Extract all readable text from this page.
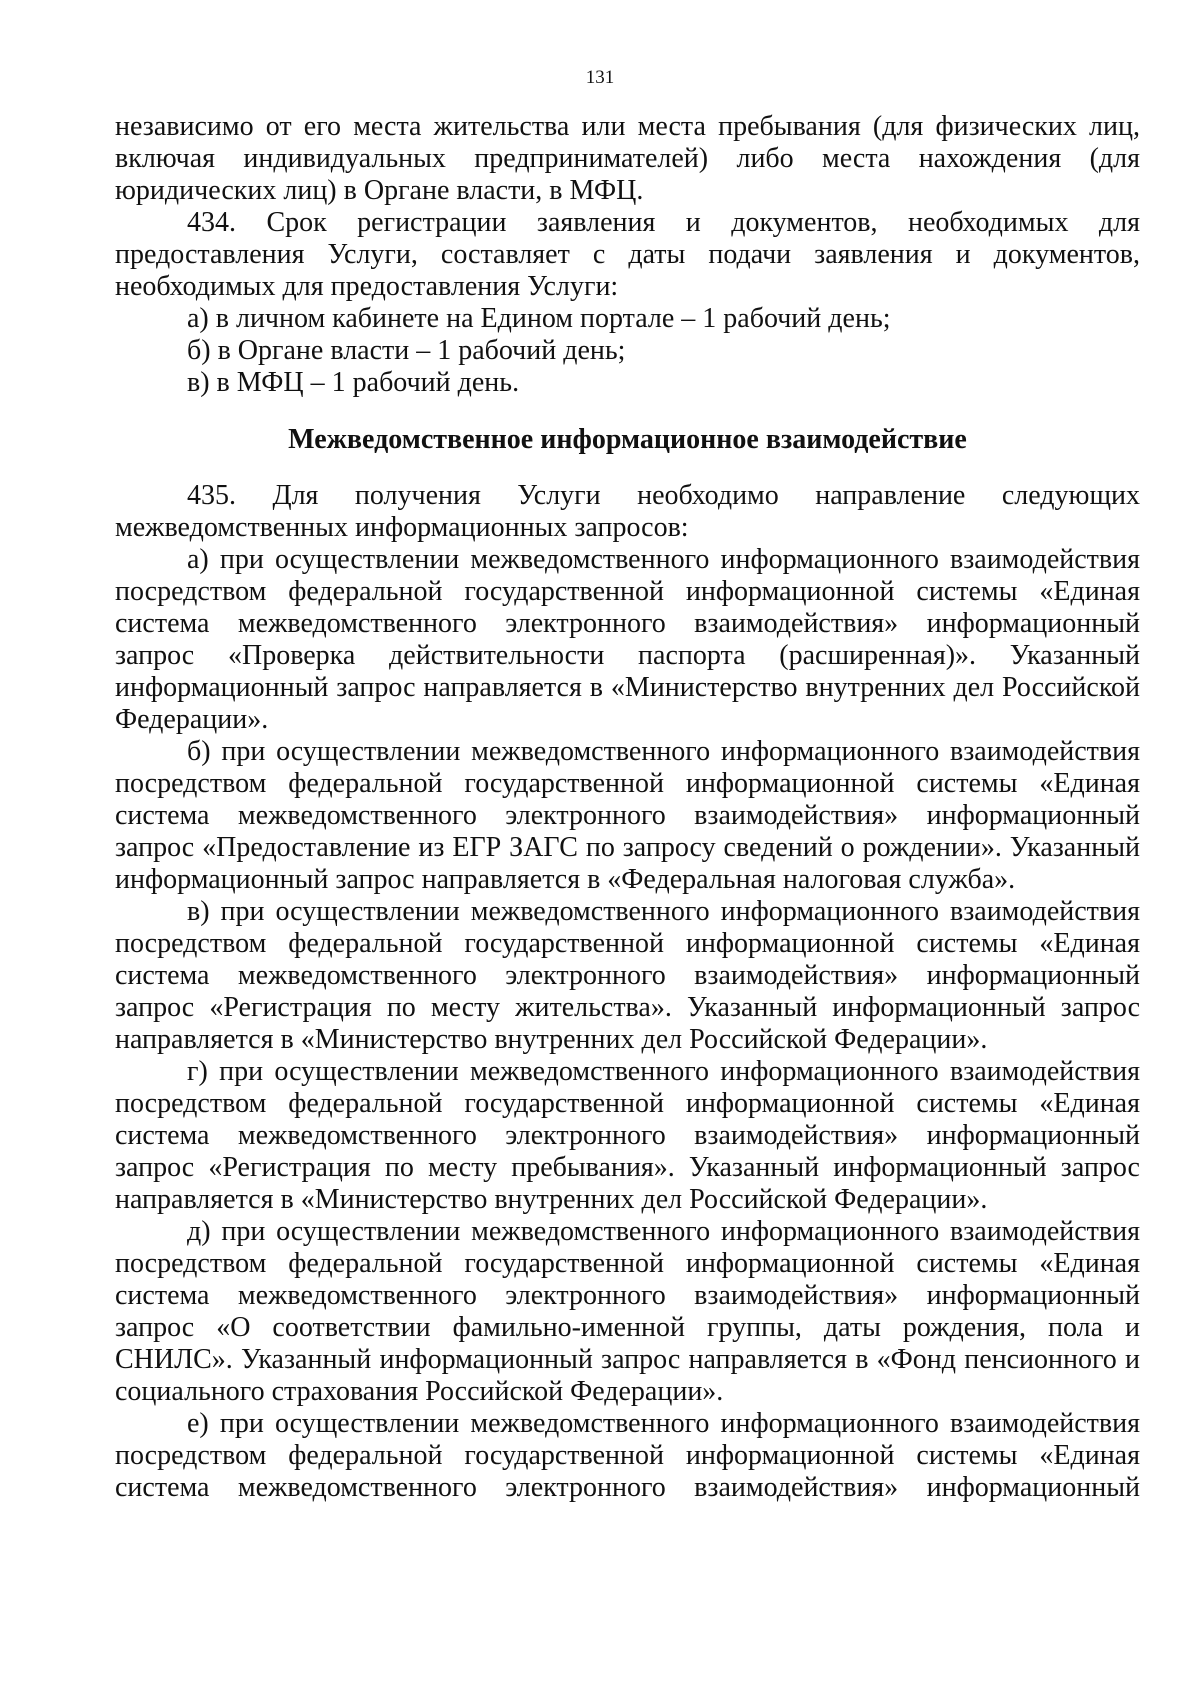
131

независимо от его места жительства или места пребывания (для физических лиц, включая индивидуальных предпринимателей) либо места нахождения (для юридических лиц) в Органе власти, в МФЦ.

434. Срок регистрации заявления и документов, необходимых для предоставления Услуги, составляет с даты подачи заявления и документов, необходимых для предоставления Услуги:

а) в личном кабинете на Едином портале – 1 рабочий день;

б) в Органе власти – 1 рабочий день;

в) в МФЦ – 1 рабочий день.

Межведомственное информационное взаимодействие

435. Для получения Услуги необходимо направление следующих межведомственных информационных запросов:

а) при осуществлении межведомственного информационного взаимодействия посредством федеральной государственной информационной системы «Единая система межведомственного электронного взаимодействия» информационный запрос «Проверка действительности паспорта (расширенная)». Указанный информационный запрос направляется в «Министерство внутренних дел Российской Федерации».

б) при осуществлении межведомственного информационного взаимодействия посредством федеральной государственной информационной системы «Единая система межведомственного электронного взаимодействия» информационный запрос «Предоставление из ЕГР ЗАГС по запросу сведений о рождении». Указанный информационный запрос направляется в «Федеральная налоговая служба».

в) при осуществлении межведомственного информационного взаимодействия посредством федеральной государственной информационной системы «Единая система межведомственного электронного взаимодействия» информационный запрос «Регистрация по месту жительства». Указанный информационный запрос направляется в «Министерство внутренних дел Российской Федерации».

г) при осуществлении межведомственного информационного взаимодействия посредством федеральной государственной информационной системы «Единая система межведомственного электронного взаимодействия» информационный запрос «Регистрация по месту пребывания». Указанный информационный запрос направляется в «Министерство внутренних дел Российской Федерации».

д) при осуществлении межведомственного информационного взаимодействия посредством федеральной государственной информационной системы «Единая система межведомственного электронного взаимодействия» информационный запрос «О соответствии фамильно-именной группы, даты рождения, пола и СНИЛС». Указанный информационный запрос направляется в «Фонд пенсионного и социального страхования Российской Федерации».

е) при осуществлении межведомственного информационного взаимодействия посредством федеральной государственной информационной системы «Единая система межведомственного электронного взаимодействия» информационный
